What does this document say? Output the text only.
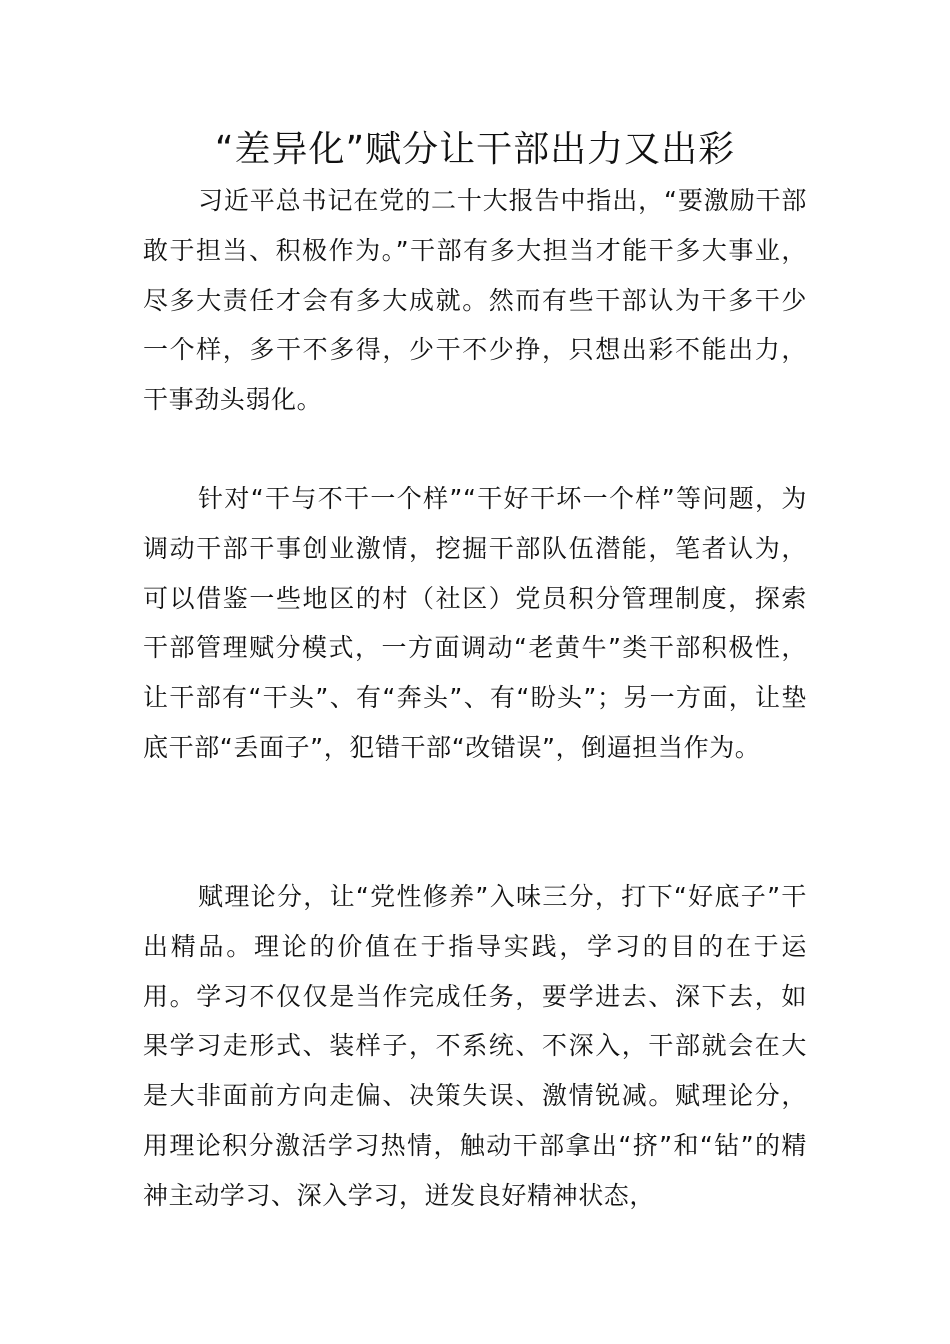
“差异化”赋分让干部出力又出彩

习近平总书记在党的二十大报告中指出，“要激励干部敢于担当、积极作为。”干部有多大担当才能干多大事业，尽多大责任才会有多大成就。然而有些干部认为干多干少一个样，多干不多得，少干不少挣，只想出彩不能出力，干事劲头弱化。

针对“干与不干一个样”“干好干坏一个样”等问题，为调动干部干事创业激情，挖掘干部队伍潜能，笔者认为，可以借鉴一些地区的村（社区）党员积分管理制度，探索干部管理赋分模式，一方面调动“老黄牛”类干部积极性，让干部有“干头”、有“奔头”、有“盼头”；另一方面，让垫底干部“丢面子”，犯错干部“改错误”，倒逼担当作为。

赋理论分，让“党性修养”入味三分，打下“好底子”干出精品。理论的价值在于指导实践，学习的目的在于运用。学习不仅仅是当作完成任务，要学进去、深下去，如果学习走形式、装样子，不系统、不深入，干部就会在大是大非面前方向走偏、决策失误、激情锐减。赋理论分，用理论积分激活学习热情，触动干部拿出“挤”和“钻”的精神主动学习、深入学习，迸发良好精神状态，
